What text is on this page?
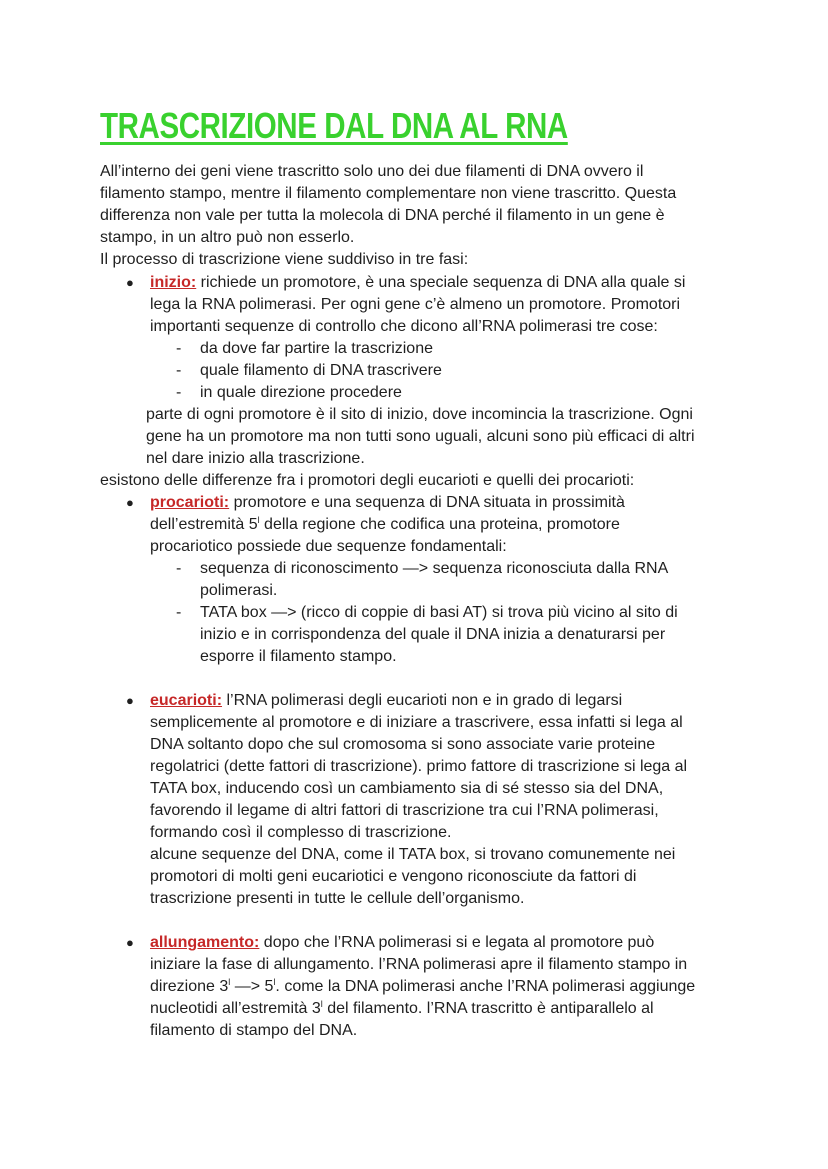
TRASCRIZIONE DAL DNA AL RNA
All’interno dei geni viene trascritto solo uno dei due filamenti di DNA ovvero il
filamento stampo, mentre il filamento complementare non viene trascritto. Questa
differenza non vale per tutta la molecola di DNA perché il filamento in un gene è
stampo, in un altro può non esserlo.
Il processo di trascrizione viene suddiviso in tre fasi:
● inizio: richiede un promotore, è una speciale sequenza di DNA alla quale si
lega la RNA polimerasi. Per ogni gene c’è almeno un promotore. Promotori
importanti sequenze di controllo che dicono all’RNA polimerasi tre cose:
- da dove far partire la trascrizione
- quale filamento di DNA trascrivere
- in quale direzione procedere
parte di ogni promotore è il sito di inizio, dove incomincia la trascrizione. Ogni
gene ha un promotore ma non tutti sono uguali, alcuni sono più efficaci di altri
nel dare inizio alla trascrizione.
esistono delle differenze fra i promotori degli eucarioti e quelli dei procarioti:
● procarioti: promotore e una sequenza di DNA situata in prossimità
dell’estremità 5$^l$ della regione che codifica una proteina, promotore
procariotico possiede due sequenze fondamentali:
- sequenza di riconoscimento —> sequenza riconosciuta dalla RNA
polimerasi.
- TATA box —> (ricco di coppie di basi AT) si trova più vicino al sito di
inizio e in corrispondenza del quale il DNA inizia a denaturarsi per
esporre il filamento stampo.
● eucarioti: l’RNA polimerasi degli eucarioti non e in grado di legarsi
semplicemente al promotore e di iniziare a trascrivere, essa infatti si lega al
DNA soltanto dopo che sul cromosoma si sono associate varie proteine
regolatrici (dette fattori di trascrizione). primo fattore di trascrizione si lega al
TATA box, inducendo così un cambiamento sia di sé stesso sia del DNA,
favorendo il legame di altri fattori di trascrizione tra cui l’RNA polimerasi,
formando così il complesso di trascrizione.
alcune sequenze del DNA, come il TATA box, si trovano comunemente nei
promotori di molti geni eucariotici e vengono riconosciute da fattori di
trascrizione presenti in tutte le cellule dell’organismo.
● allungamento: dopo che l’RNA polimerasi si e legata al promotore può
iniziare la fase di allungamento. l’RNA polimerasi apre il filamento stampo in
direzione 3$^l$ —> $5^l$. come la DNA polimerasi anche l’RNA polimerasi aggiunge
nucleotidi all’estremità 3$^l$ del filamento. l’RNA trascritto è antiparallelo al
filamento di stampo del DNA.
